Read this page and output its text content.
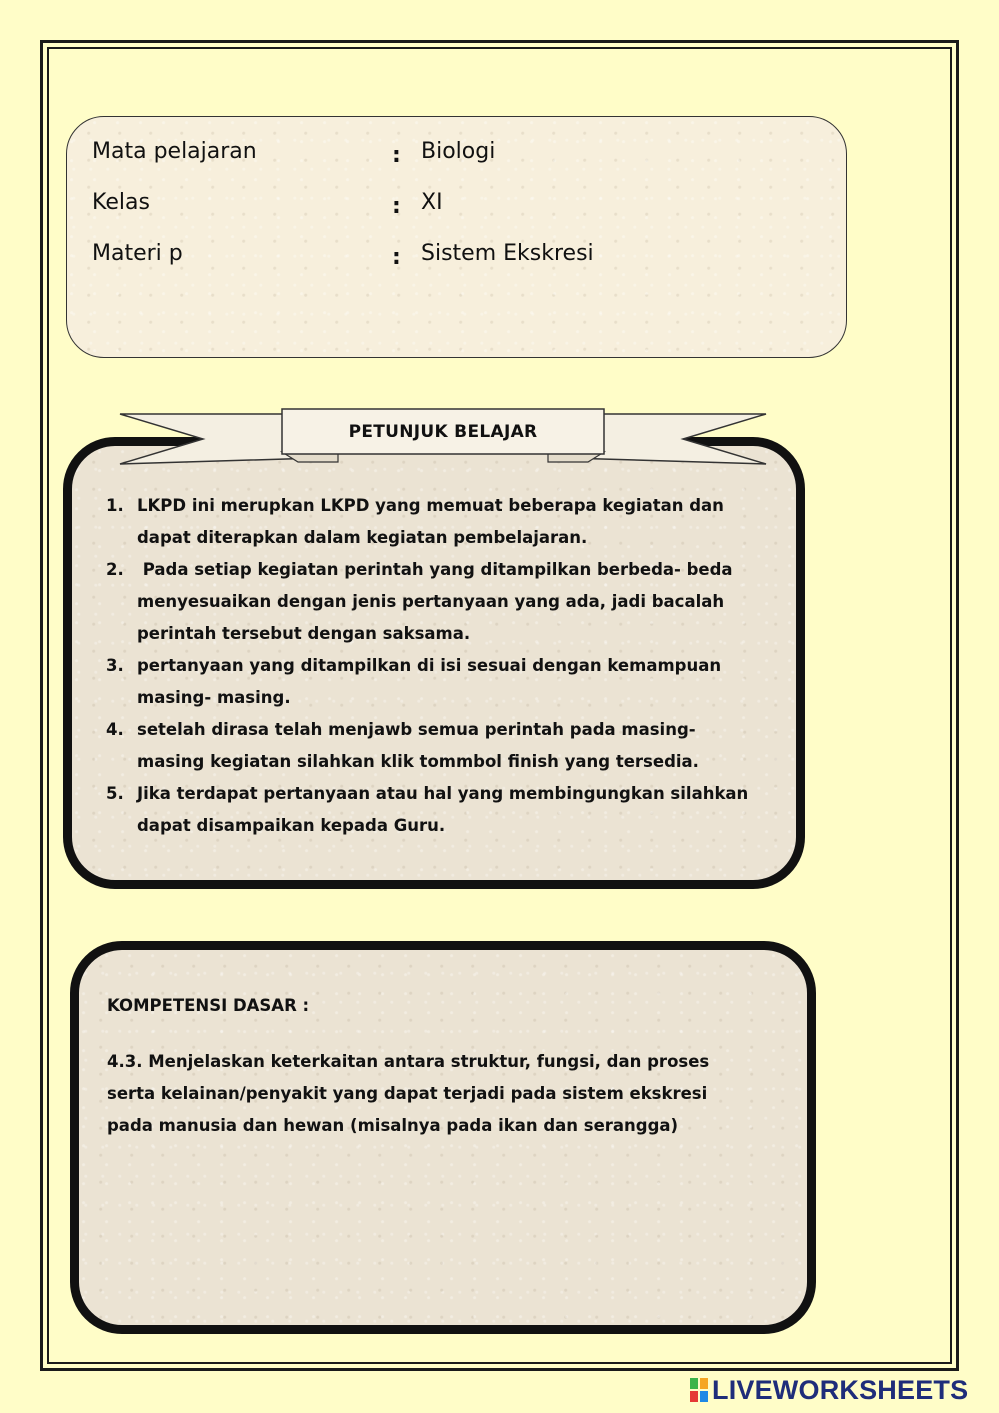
Mata pelajaran	: Biologi
Kelas	: XI
Materi p	: Sistem Ekskresi
PETUNJUK BELAJAR
1. LKPD ini merupkan LKPD yang memuat beberapa kegiatan dan
dapat diterapkan dalam kegiatan pembelajaran.
2. Pada setiap kegiatan perintah yang ditampilkan berbeda- beda
menyesuaikan dengan jenis pertanyaan yang ada, jadi bacalah
perintah tersebut dengan saksama.
3. pertanyaan yang ditampilkan di isi sesuai dengan kemampuan
masing- masing.
4. setelah dirasa telah menjawb semua perintah pada masing-
masing kegiatan silahkan klik tommbol finish yang tersedia.
5. Jika terdapat pertanyaan atau hal yang membingungkan silahkan
dapat disampaikan kepada Guru.
KOMPETENSI DASAR :
4.3. Menjelaskan keterkaitan antara struktur, fungsi, dan proses
serta kelainan/penyakit yang dapat terjadi pada sistem ekskresi
pada manusia dan hewan (misalnya pada ikan dan serangga)
LIVEWORKSHEETS
